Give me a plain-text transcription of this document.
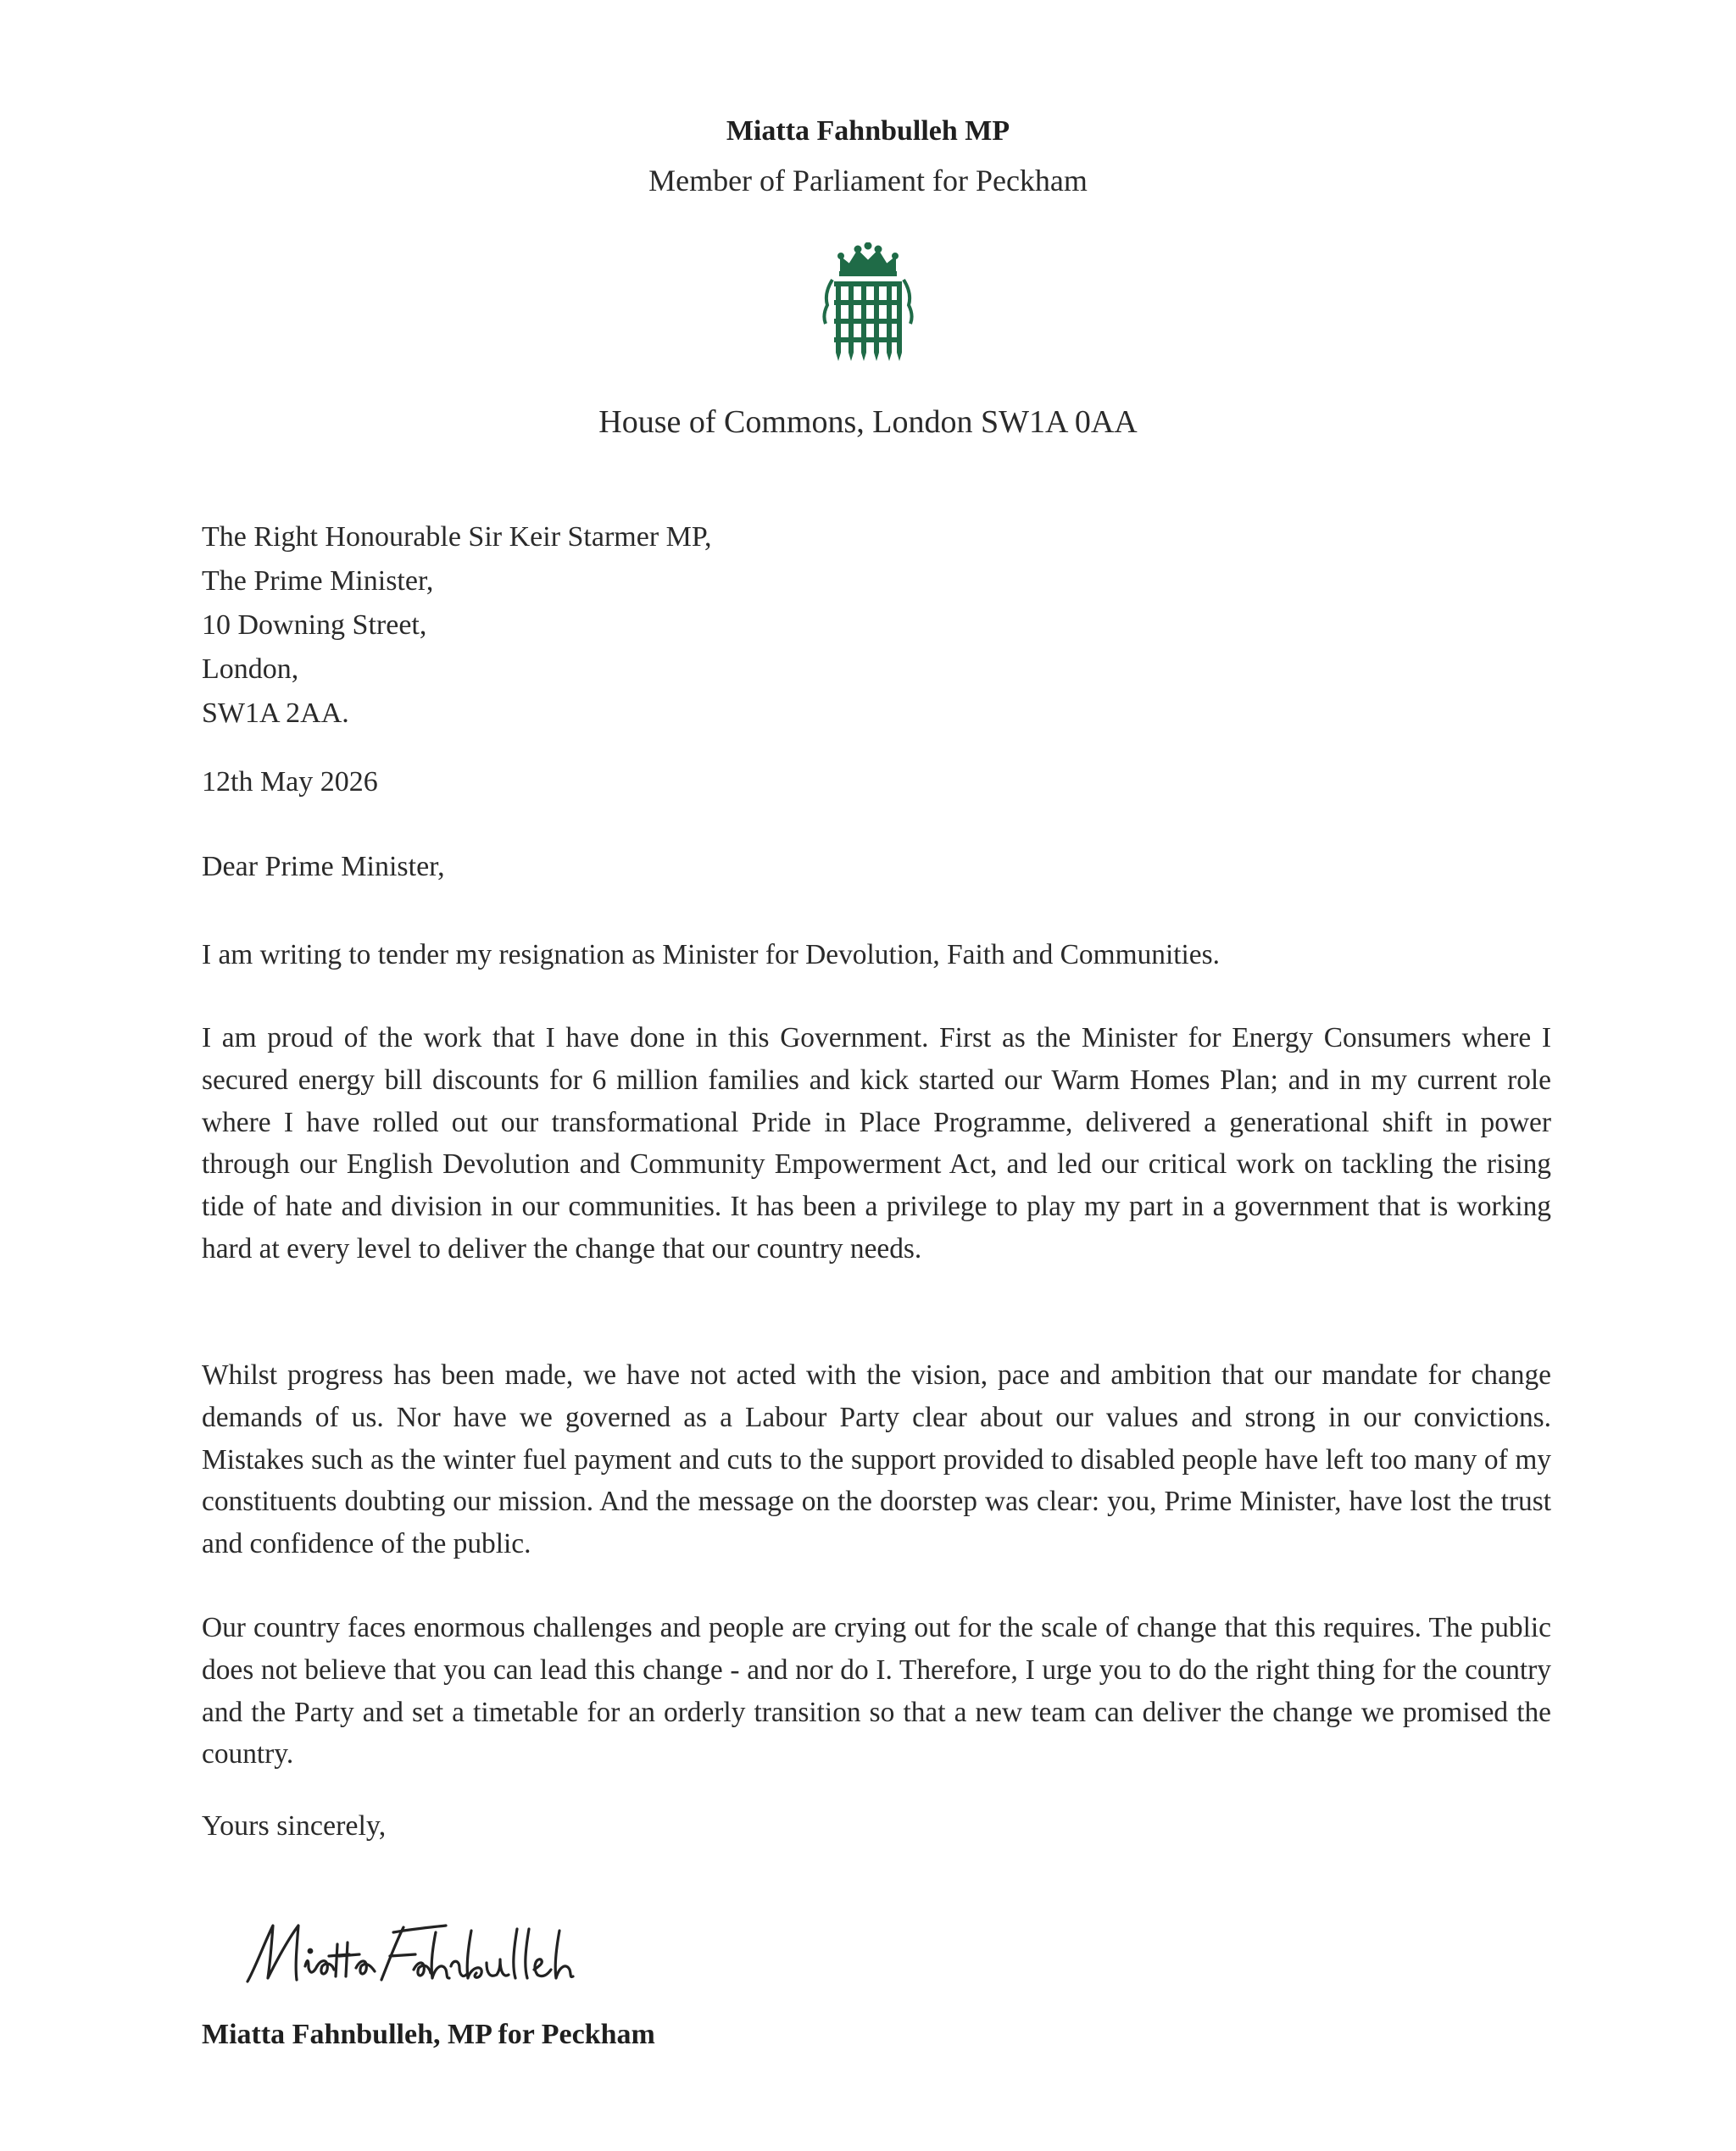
Miatta Fahnbulleh MP
Member of Parliament for Peckham
House of Commons, London SW1A 0AA
The Right Honourable Sir Keir Starmer MP,
The Prime Minister,
10 Downing Street,
London,
SW1A 2AA.
12th May 2026
Dear Prime Minister,
I am writing to tender my resignation as Minister for Devolution, Faith and Communities.
I am proud of the work that I have done in this Government. First as the Minister for Energy Consumers where I secured energy bill discounts for 6 million families and kick started our Warm Homes Plan; and in my current role where I have rolled out our transformational Pride in Place Programme, delivered a generational shift in power through our English Devolution and Community Empowerment Act, and led our critical work on tackling the rising tide of hate and division in our communities. It has been a privilege to play my part in a government that is working hard at every level to deliver the change that our country needs.
Whilst progress has been made, we have not acted with the vision, pace and ambition that our mandate for change demands of us. Nor have we governed as a Labour Party clear about our values and strong in our convictions. Mistakes such as the winter fuel payment and cuts to the support provided to disabled people have left too many of my constituents doubting our mission. And the message on the doorstep was clear: you, Prime Minister, have lost the trust and confidence of the public.
Our country faces enormous challenges and people are crying out for the scale of change that this requires. The public does not believe that you can lead this change - and nor do I. Therefore, I urge you to do the right thing for the country and the Party and set a timetable for an orderly transition so that a new team can deliver the change we promised the country.
Yours sincerely,
Miatta Fahnbulleh, MP for Peckham
